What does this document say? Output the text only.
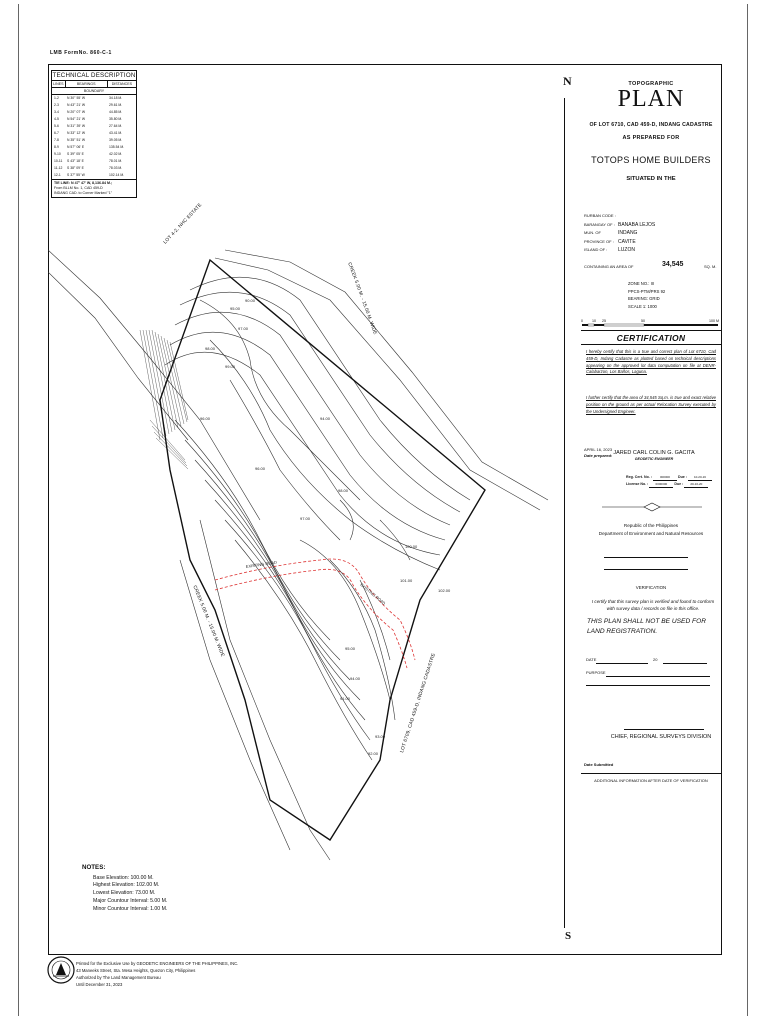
LMB FormNo. 860-C-1
90.00
95.00
97.00
98.00
99.00
96.00	94.00
100.00
101.00
102.00
98.00
97.00
96.00
95.00
94.00
93.00
92.00
91.00
EXISTING ROAD
EXISTING ROAD
LOT 4-2, NHC ESTATE
CREEK 5.00 M. - 15.00 M. WIDE
CREEK 5.00 M. - 15.00 M. WIDE
LOT 6709, CAD 459-D, INDANG CADASTRE
TECHNICAL DESCRIPTION
LINES	BEARINGS	DISTANCES
BOUNDARY
1-2	N 30° 55' W	34.18 M.
2-3	N 43° 21' W	29.61 M.
3-4	N 20° 07' W	44.85 M.
4-5	N 54° 21' W	35.80 M.
5-6	N 31° 39' W	27.64 M.
6-7	N 33° 12' W	43.41 M.
7-8	N 35° 51' W	39.05 M.
8-9	N 57° 06' E	135.54 M.
9-10	S 39° 05' E	42.02 M.
10-11	S 43° 18' E	78.01 M.
11-12	S 38° 09' E	78.03 M.
12-1	S 37° 55' W	102.14 M.
TIE LINE: N 47° 47' W, 8,136.84 M.;
From BLLM No. 1, CAD 459-D
INDANG CAD. to Corner Marked "1"
N
S
TOPOGRAPHIC
PLAN
OF LOT 6710, CAD 459-D, INDANG CADASTRE
AS PREPARED FOR
TOTOPS HOME BUILDERS
SITUATED IN THE
RURBAN CODE :
BARANGAY OF : BANABA LEJOS
MUN. OF	INDANG
PROVINCE OF : CAVITE
ISLAND OF : LUZON
CONTAINING AN AREA OF	34,545	SQ. M.
ZONE NO.: III
PPCS-PTM/PRS 92
BEARING: GRID
SCALE 1: 1000
0	10 25	50	100 M
CERTIFICATION
I hereby certify that this is a true and correct plan of Lot 6710, Cad 459-D, Indang Cadastre as plotted based on technical descriptions appearing on the approved lot data computation on file at DENR-Calabarzon, Los Baños, Laguna.
I further certify that the area of 34,545 Sq.m. is true and exact relative position on the ground as per actual Relocation Survey executed by the Undersigned Engineer.
APRIL 16, 2023
Date prepared: JARED CARL COLIN G. GACITA
GEODETIC ENGINEER
Reg. Cert. No. :	000000 Due : 10-20-16
License No. : 0000000 Due : 20-10-20
Republic of the Philippines
Department of Environment and Natural Resources
VERIFICATION
I certify that this survey plan is verified and found to conform with survey data / records on file in this office.
THIS PLAN SHALL NOT BE USED FOR LAND REGISTRATION.
DATE	20
PURPOSE
CHIEF, REGIONAL SURVEYS DIVISION
Date Submitted
ADDITIONAL INFORMATION AFTER DATE OF VERIFICATION
NOTES:
Base Elevation: 100.00 M.
Highest Elevation: 102.00 M.
Lowest Elevation: 73.00 M.
Major Countour Interval: 5.00 M.
Minor Countour Interval: 1.00 M.
Printed for the Exclusive Use by GEODETIC ENGINEERS OF THE PHILIPPINES, INC.
43 Maneeks Street, Sta. Mesa Heights, Quezon City, Philippines
Authorized by The Land Management Bureau
Until December 31, 2023
